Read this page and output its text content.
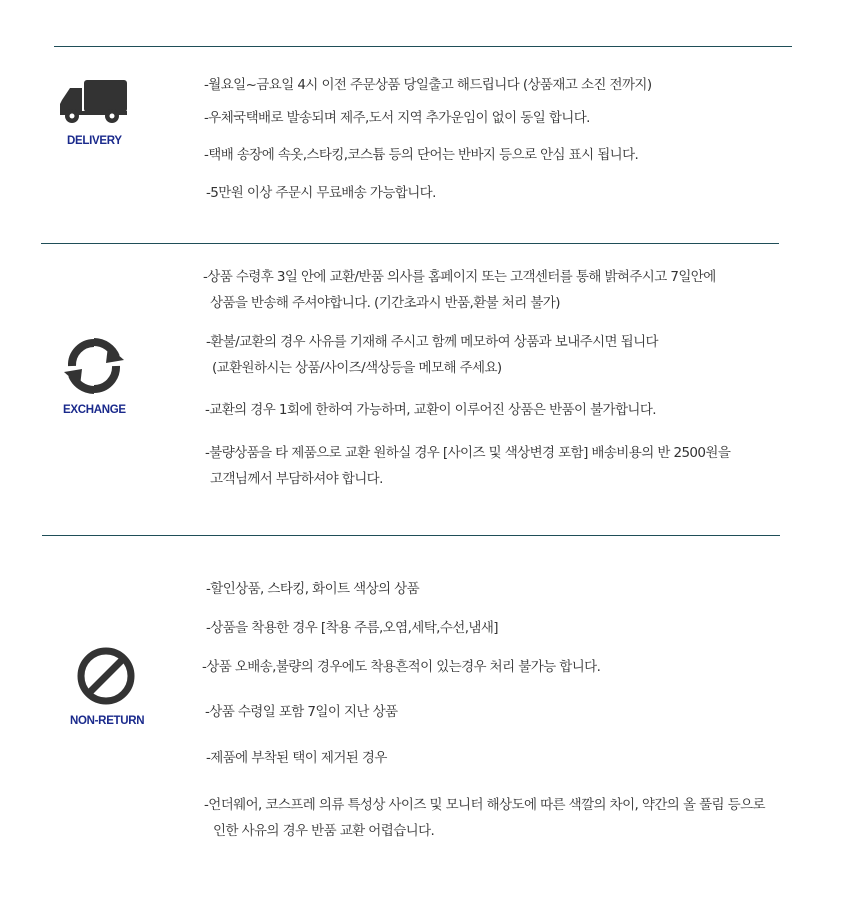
DELIVERY
-월요일~금요일 4시 이전 주문상품 당일출고 해드립니다 (상품재고 소진 전까지)
-우체국택배로 발송되며 제주,도서 지역 추가운임이 없이 동일 합니다.
-택배 송장에 속옷,스타킹,코스튬 등의 단어는 반바지 등으로 안심 표시 됩니다.
-5만원 이상 주문시 무료배송 가능합니다.
EXCHANGE
-상품 수령후 3일 안에 교환/반품 의사를 홈페이지 또는 고객센터를 통해 밝혀주시고 7일안에
상품을 반송해 주셔야합니다. (기간초과시 반품,환불 처리 불가)
-환불/교환의 경우 사유를 기재해 주시고 함께 메모하여 상품과 보내주시면 됩니다
(교환원하시는 상품/사이즈/색상등을 메모해 주세요)
-교환의 경우 1회에 한하여 가능하며, 교환이 이루어진 상품은 반품이 불가합니다.
-불량상품을 타 제품으로 교환 원하실 경우 [사이즈 및 색상변경 포함] 배송비용의 반 2500원을
고객님께서 부담하셔야 합니다.
NON-RETURN
-할인상품, 스타킹, 화이트 색상의 상품
-상품을 착용한 경우 [착용 주름,오염,세탁,수선,냄새]
-상품 오배송,불량의 경우에도 착용흔적이 있는경우 처리 불가능 합니다.
-상품 수령일 포함 7일이 지난 상품
-제품에 부착된 택이 제거된 경우
-언더웨어, 코스프레 의류 특성상 사이즈 및 모니터 해상도에 따른 색깔의 차이, 약간의 올 풀림 등으로
인한 사유의 경우 반품 교환 어렵습니다.
